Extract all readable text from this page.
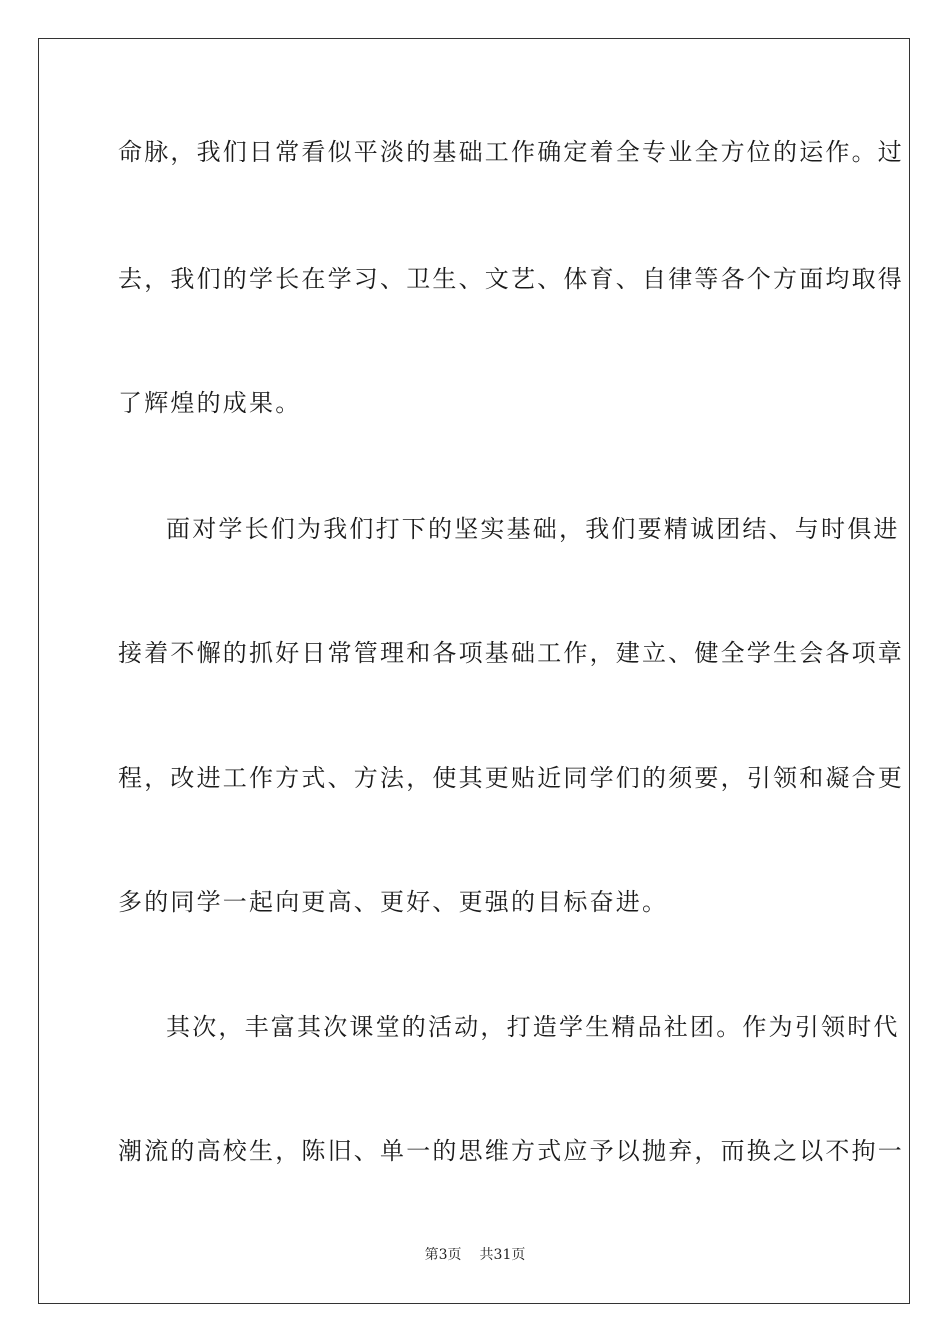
命脉，我们日常看似平淡的基础工作确定着全专业全方位的运作。过
去，我们的学长在学习、卫生、文艺、体育、自律等各个方面均取得
了辉煌的成果。
面对学长们为我们打下的坚实基础，我们要精诚团结、与时俱进
接着不懈的抓好日常管理和各项基础工作，建立、健全学生会各项章
程，改进工作方式、方法，使其更贴近同学们的须要，引领和凝合更
多的同学一起向更高、更好、更强的目标奋进。
其次，丰富其次课堂的活动，打造学生精品社团。作为引领时代
潮流的高校生，陈旧、单一的思维方式应予以抛弃，而换之以不拘一
第3页 共31页
